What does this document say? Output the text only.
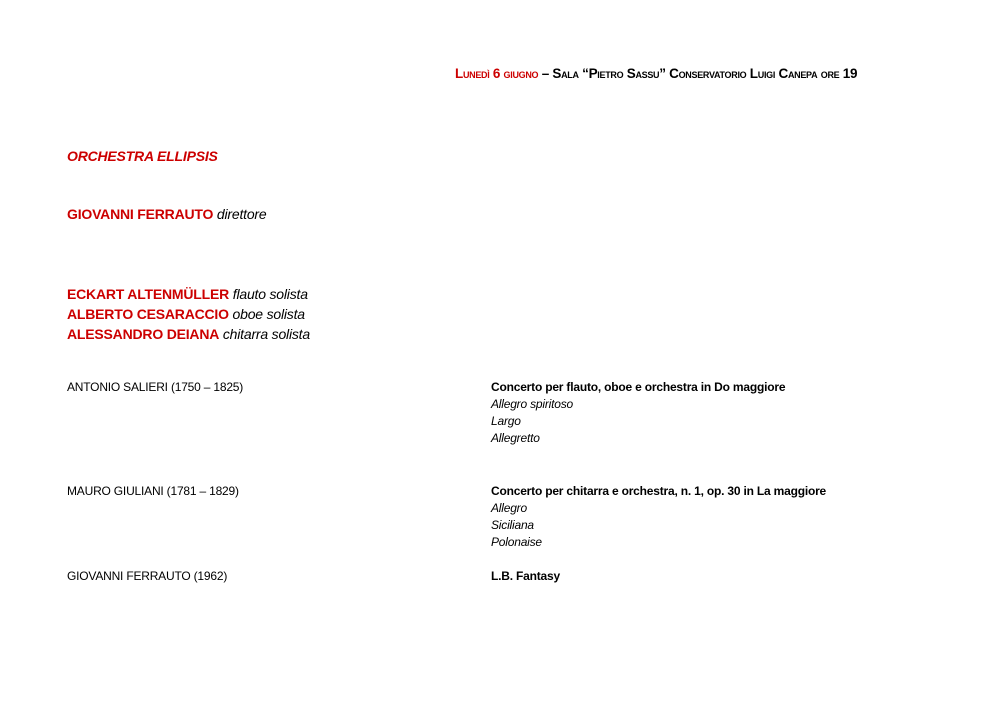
Lunedì 6 giugno – Sala “Pietro Sassu” Conservatorio Luigi Canepa ore 19
ORCHESTRA ELLIPSIS
GIOVANNI FERRAUTO direttore
ECKART ALTENMÜLLER flauto solista
ALBERTO CESARACCIO oboe solista
ALESSANDRO DEIANA chitarra solista
ANTONIO SALIERI (1750 – 1825)	Concerto per flauto, oboe e orchestra in Do maggiore
Allegro spiritoso
Largo
Allegretto
MAURO GIULIANI (1781 – 1829)	Concerto per chitarra e orchestra, n. 1, op. 30 in La maggiore
Allegro
Siciliana
Polonaise
GIOVANNI FERRAUTO (1962)	L.B. Fantasy
